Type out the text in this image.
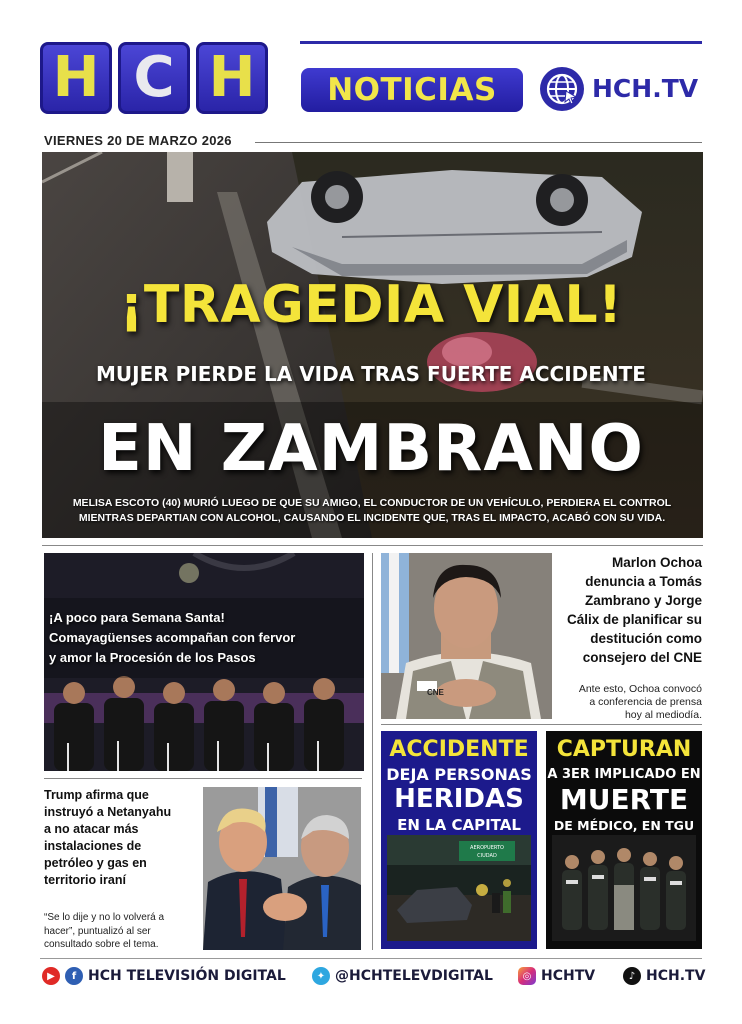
H C H	NOTICIAS	HCH.TV
VIERNES 20 DE MARZO 2026
¡TRAGEDIA VIAL!
MUJER PIERDE LA VIDA TRAS FUERTE ACCIDENTE
EN ZAMBRANO
MELISA ESCOTO (40) MURIÓ LUEGO DE QUE SU AMIGO, EL CONDUCTOR DE UN VEHÍCULO, PERDIERA EL CONTROL
MIENTRAS DEPARTIAN CON ALCOHOL, CAUSANDO EL INCIDENTE QUE, TRAS EL IMPACTO, ACABÓ CON SU VIDA.
¡A poco para Semana Santa!
Comayagüenses acompañan con fervor
y amor la Procesión de los Pasos
CNE
Marlon Ochoa
denuncia a Tomás
Zambrano y Jorge
Cálix de planificar su
destitución como
consejero del CNE
Ante esto, Ochoa convocó
a conferencia de prensa
hoy al mediodía.
Trump afirma que
instruyó a Netanyahu
a no atacar más
instalaciones de
petróleo y gas en
territorio iraní
“Se lo dije y no lo volverá a
hacer”, puntualizó al ser
consultado sobre el tema.
ACCIDENTE
DEJA PERSONAS
HERIDAS
EN LA CAPITAL
AEROPUERTO
CIUDAD
CAPTURAN
A 3ER IMPLICADO EN
MUERTE
DE MÉDICO, EN TGU
▶	f HCH TELEVISIÓN DIGITAL	✦ @HCHTELEVDIGITAL	◎ HCHTV	♪ HCH.TV
